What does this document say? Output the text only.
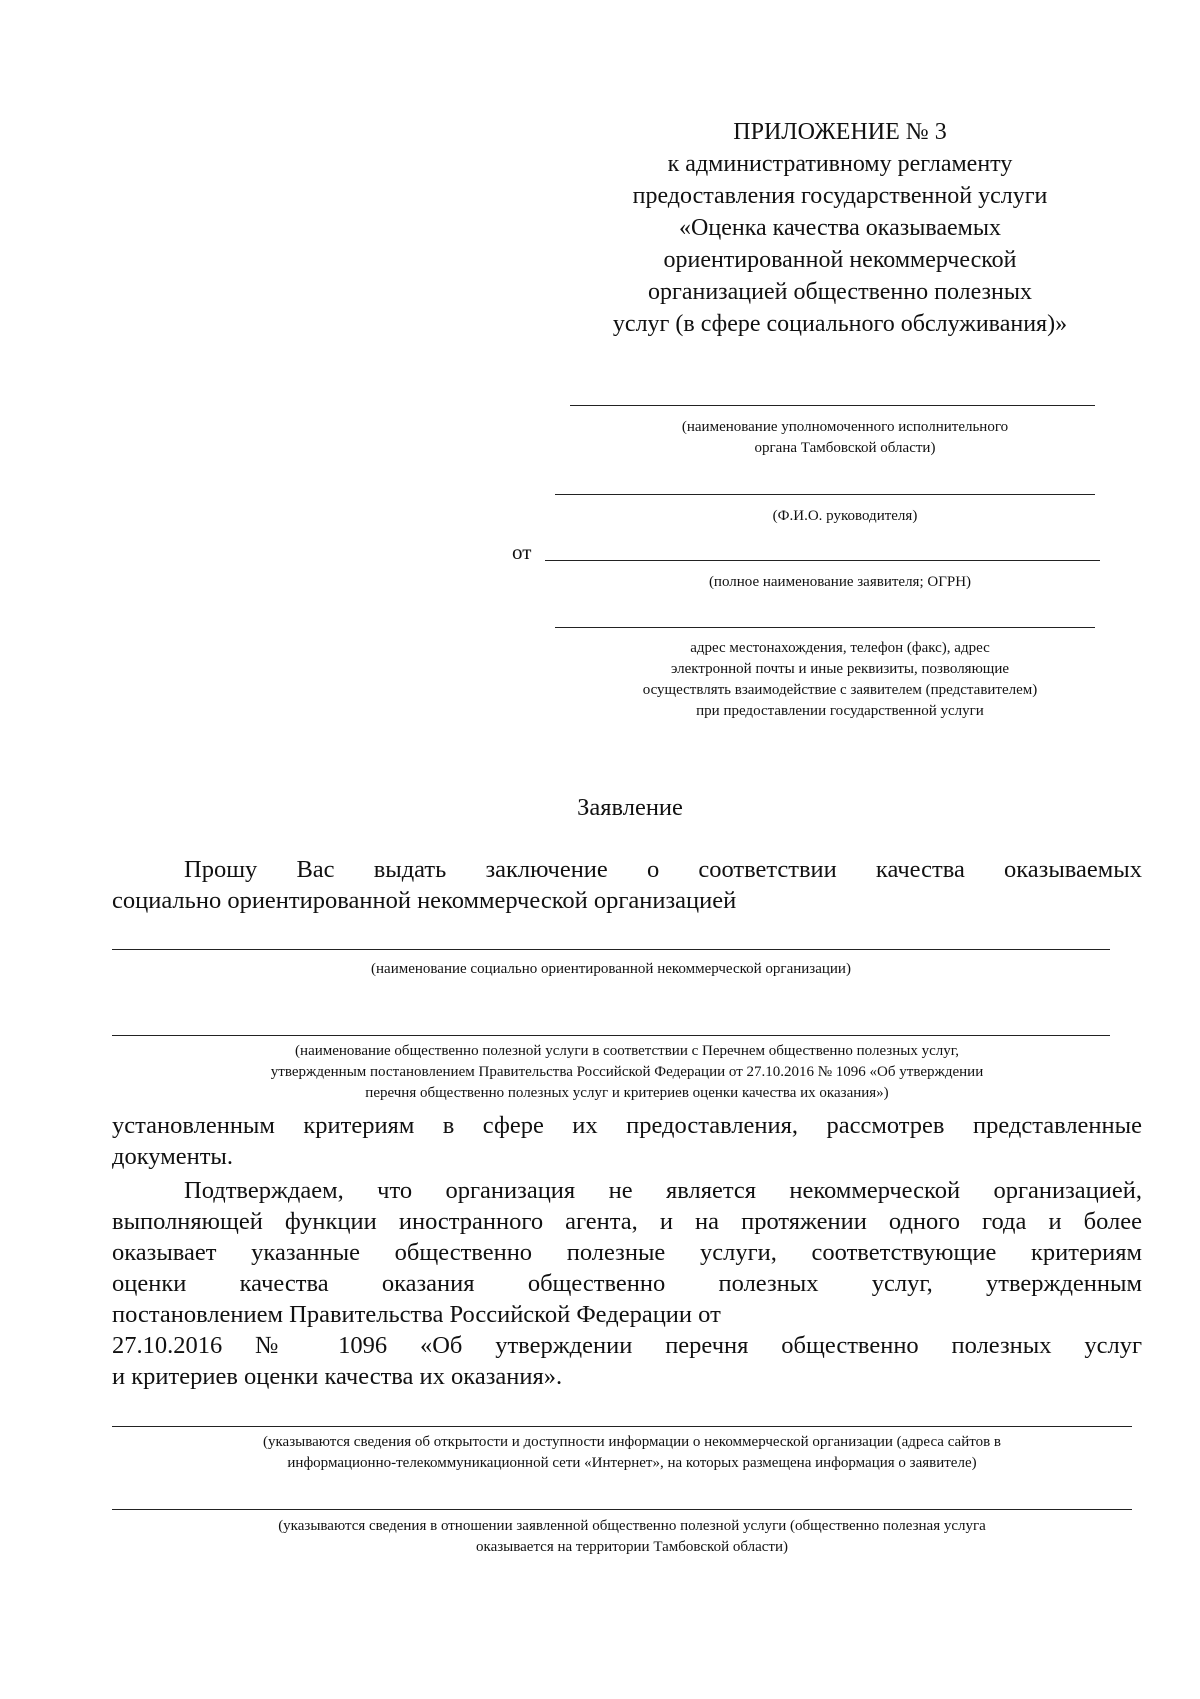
ПРИЛОЖЕНИЕ № 3
к административному регламенту
предоставления государственной услуги
«Оценка качества оказываемых
ориентированной некоммерческой
организацией общественно полезных
услуг (в сфере социального обслуживания)»
(наименование уполномоченного исполнительного
органа Тамбовской области)
(Ф.И.О. руководителя)
от
(полное наименование заявителя; ОГРН)
адрес местонахождения, телефон (факс), адрес
электронной почты и иные реквизиты, позволяющие
осуществлять взаимодействие с заявителем (представителем)
при предоставлении государственной услуги
Заявление

Прошу Вас выдать заключение о соответствии качества оказываемых

социально ориентированной некоммерческой организацией

(наименование социально ориентированной некоммерческой организации)
(наименование общественно полезной услуги в соответствии с Перечнем общественно полезных услуг,
утвержденным постановлением Правительства Российской Федерации от 27.10.2016 № 1096 «Об утверждении
перечня общественно полезных услуг и критериев оценки качества их оказания»)

установленным критериям в сфере их предоставления, рассмотрев представленные

документы.

Подтверждаем, что организация не является некоммерческой организацией,

выполняющей функции иностранного агента, и на протяжении одного года и более

оказывает указанные общественно полезные услуги, соответствующие критериям

оценки качества оказания общественно полезных услуг, утвержденным

постановлением Правительства Российской Федерации от

27.10.2016 № 1096 «Об утверждении перечня общественно полезных услуг

и критериев оценки качества их оказания».

(указываются сведения об открытости и доступности информации о некоммерческой организации (адреса сайтов в
информационно-телекоммуникационной сети «Интернет», на которых размещена информация о заявителе)
(указываются сведения в отношении заявленной общественно полезной услуги (общественно полезная услуга
оказывается на территории Тамбовской области)
